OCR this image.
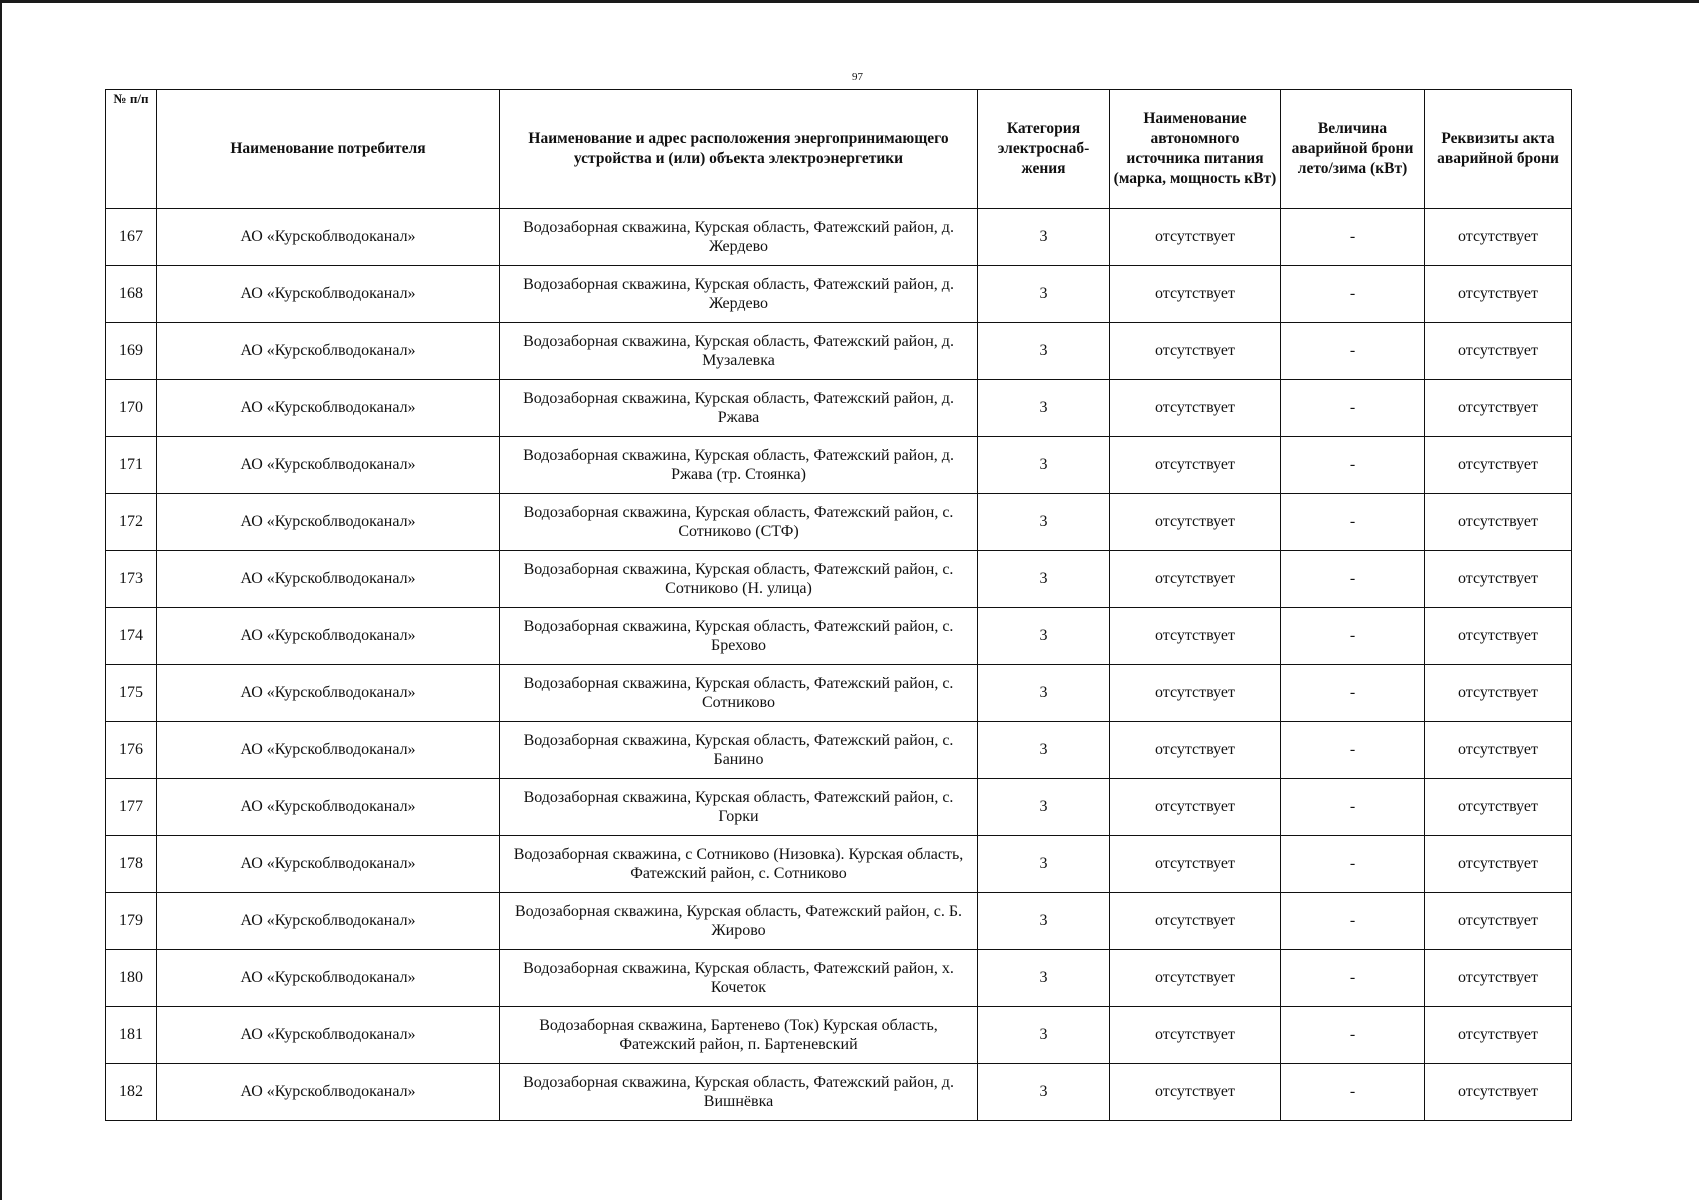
97
№ п/п	Наименование потребителя	Наименование и адрес расположения энергопринимающего устройства и (или) объекта электроэнергетики	Категория электроснаб-жения	Наименование автономного источника питания (марка, мощность кВт)	Величина аварийной брони лето/зима (кВт)	Реквизиты акта аварийной брони
167	АО «Курскоблводоканал»	Водозаборная скважина, Курская область, Фатежский район, д. Жердево	3	отсутствует	-	отсутствует
168	АО «Курскоблводоканал»	Водозаборная скважина, Курская область, Фатежский район, д. Жердево	3	отсутствует	-	отсутствует
169	АО «Курскоблводоканал»	Водозаборная скважина, Курская область, Фатежский район, д. Музалевка	3	отсутствует	-	отсутствует
170	АО «Курскоблводоканал»	Водозаборная скважина, Курская область, Фатежский район, д. Ржава	3	отсутствует	-	отсутствует
171	АО «Курскоблводоканал»	Водозаборная скважина, Курская область, Фатежский район, д. Ржава (тр. Стоянка)	3	отсутствует	-	отсутствует
172	АО «Курскоблводоканал»	Водозаборная скважина, Курская область, Фатежский район, с. Сотниково (СТФ)	3	отсутствует	-	отсутствует
173	АО «Курскоблводоканал»	Водозаборная скважина, Курская область, Фатежский район, с. Сотниково (Н. улица)	3	отсутствует	-	отсутствует
174	АО «Курскоблводоканал»	Водозаборная скважина, Курская область, Фатежский район, с. Брехово	3	отсутствует	-	отсутствует
175	АО «Курскоблводоканал»	Водозаборная скважина, Курская область, Фатежский район, с. Сотниково	3	отсутствует	-	отсутствует
176	АО «Курскоблводоканал»	Водозаборная скважина, Курская область, Фатежский район, с. Банино	3	отсутствует	-	отсутствует
177	АО «Курскоблводоканал»	Водозаборная скважина, Курская область, Фатежский район, с. Горки	3	отсутствует	-	отсутствует
178	АО «Курскоблводоканал»	Водозаборная скважина, с Сотниково (Низовка). Курская область, Фатежский район, с. Сотниково	3	отсутствует	-	отсутствует
179	АО «Курскоблводоканал»	Водозаборная скважина, Курская область, Фатежский район, с. Б. Жирово	3	отсутствует	-	отсутствует
180	АО «Курскоблводоканал»	Водозаборная скважина, Курская область, Фатежский район, х. Кочеток	3	отсутствует	-	отсутствует
181	АО «Курскоблводоканал»	Водозаборная скважина, Бартенево (Ток) Курская область, Фатежский район, п. Бартеневский	3	отсутствует	-	отсутствует
182	АО «Курскоблводоканал»	Водозаборная скважина, Курская область, Фатежский район, д. Вишнёвка	3	отсутствует	-	отсутствует
